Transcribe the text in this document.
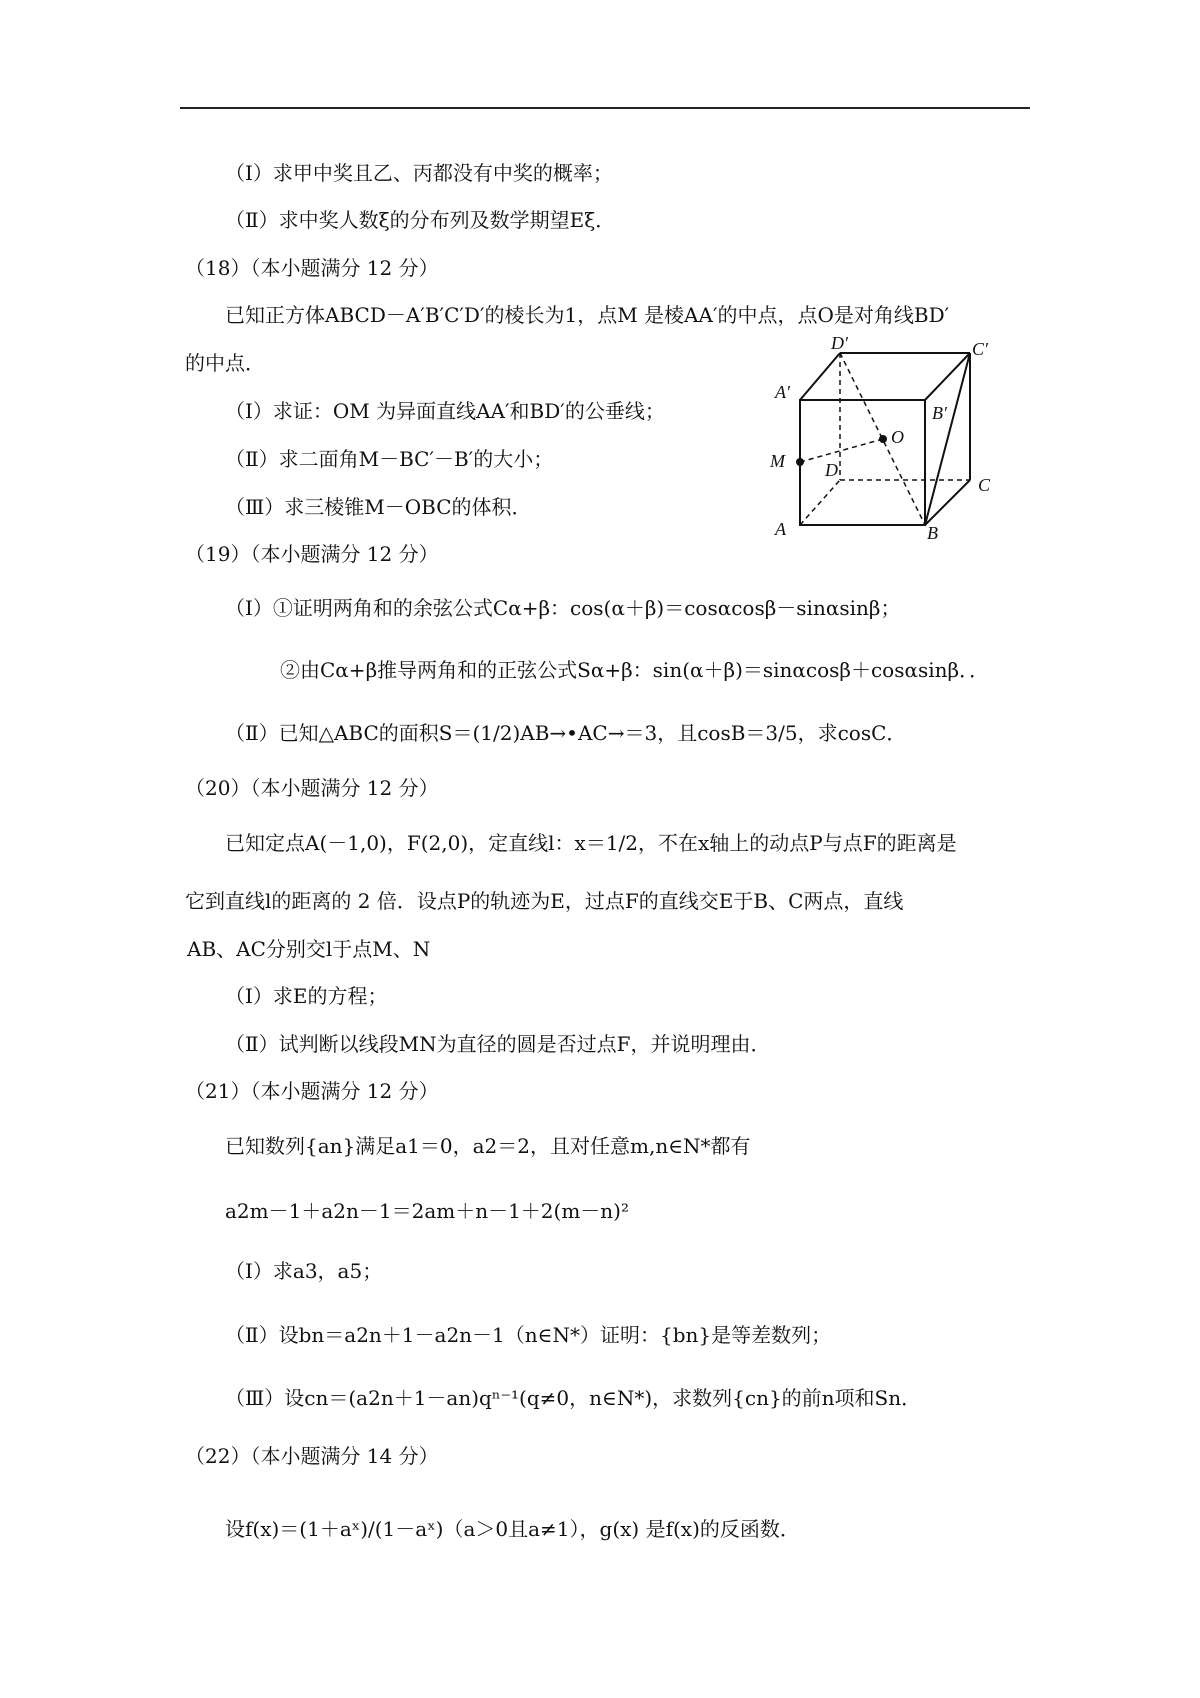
（Ⅰ）求甲中奖且乙、丙都没有中奖的概率；
（Ⅱ）求中奖人数ξ的分布列及数学期望Eξ．
（18）（本小题满分 12 分）
已知正方体ABCD－A′B′C′D′的棱长为1，点M 是棱AA′的中点，点O是对角线BD′
的中点．
（Ⅰ）求证：OM 为异面直线AA′和BD′的公垂线；
（Ⅱ）求二面角M－BC′－B′的大小；
（Ⅲ）求三棱锥M－OBC的体积．
（19）（本小题满分 12 分）
（Ⅰ）①证明两角和的余弦公式Cα+β：cos(α＋β)＝cosαcosβ－sinαsinβ；
②由Cα+β推导两角和的正弦公式Sα+β：sin(α＋β)＝sinαcosβ＋cosαsinβ．．
（Ⅱ）已知△ABC的面积S＝(1/2)AB→•AC→＝3，且cosB＝3/5，求cosC．
（20）（本小题满分 12 分）
已知定点A(－1,0)，F(2,0)，定直线l：x＝1/2，不在x轴上的动点P与点F的距离是
它到直线l的距离的 2 倍．设点P的轨迹为E，过点F的直线交E于B、C两点，直线
AB、AC分别交l于点M、N
（Ⅰ）求E的方程；
（Ⅱ）试判断以线段MN为直径的圆是否过点F，并说明理由．
（21）（本小题满分 12 分）
已知数列{an}满足a1＝0，a2＝2，且对任意m,n∈N*都有
a2m－1＋a2n－1＝2am＋n－1＋2(m－n)²
（Ⅰ）求a3，a5；
（Ⅱ）设bn＝a2n＋1－a2n－1（n∈N*）证明：{bn}是等差数列；
（Ⅲ）设cn＝(a2n＋1－an)qⁿ⁻¹(q≠0，n∈N*)，求数列{cn}的前n项和Sn．
（22）（本小题满分 14 分）
设f(x)＝(1＋aˣ)/(1－aˣ)（a＞0且a≠1），g(x) 是f(x)的反函数．
D′	C′
A′
B′
O
M D
C
A	B
